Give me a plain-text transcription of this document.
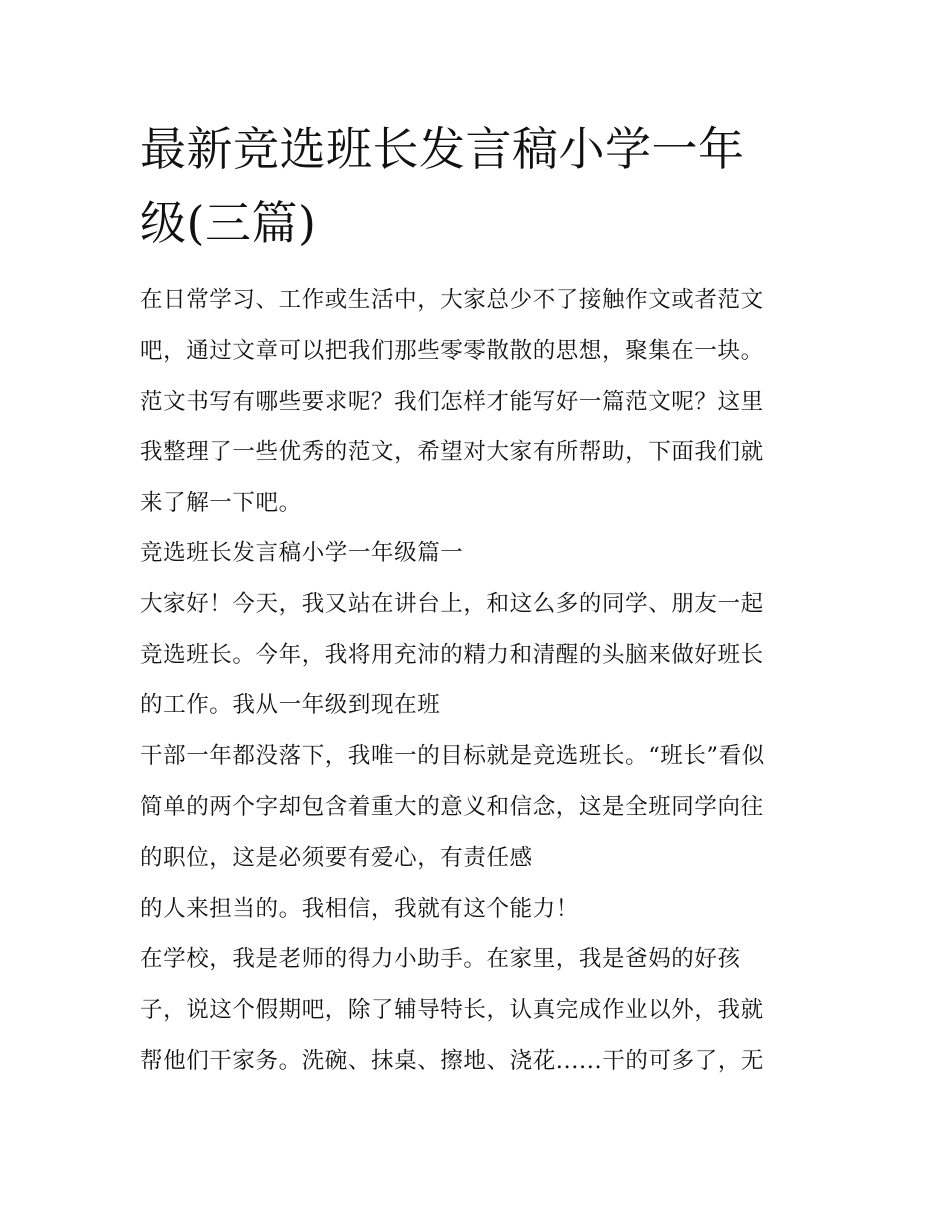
最新竞选班长发言稿小学一年
级(三篇)

在日常学习、工作或生活中，大家总少不了接触作文或者范文

吧，通过文章可以把我们那些零零散散的思想，聚集在一块。

范文书写有哪些要求呢？我们怎样才能写好一篇范文呢？这里

我整理了一些优秀的范文，希望对大家有所帮助，下面我们就

来了解一下吧。

竞选班长发言稿小学一年级篇一

大家好！今天，我又站在讲台上，和这么多的同学、朋友一起

竞选班长。今年，我将用充沛的精力和清醒的头脑来做好班长

的工作。我从一年级到现在班

干部一年都没落下，我唯一的目标就是竞选班长。“班长”看似

简单的两个字却包含着重大的意义和信念，这是全班同学向往

的职位，这是必须要有爱心，有责任感

的人来担当的。我相信，我就有这个能力！

在学校，我是老师的得力小助手。在家里，我是爸妈的好孩

子，说这个假期吧，除了辅导特长，认真完成作业以外，我就

帮他们干家务。洗碗、抹桌、擦地、浇花......干的可多了，无
